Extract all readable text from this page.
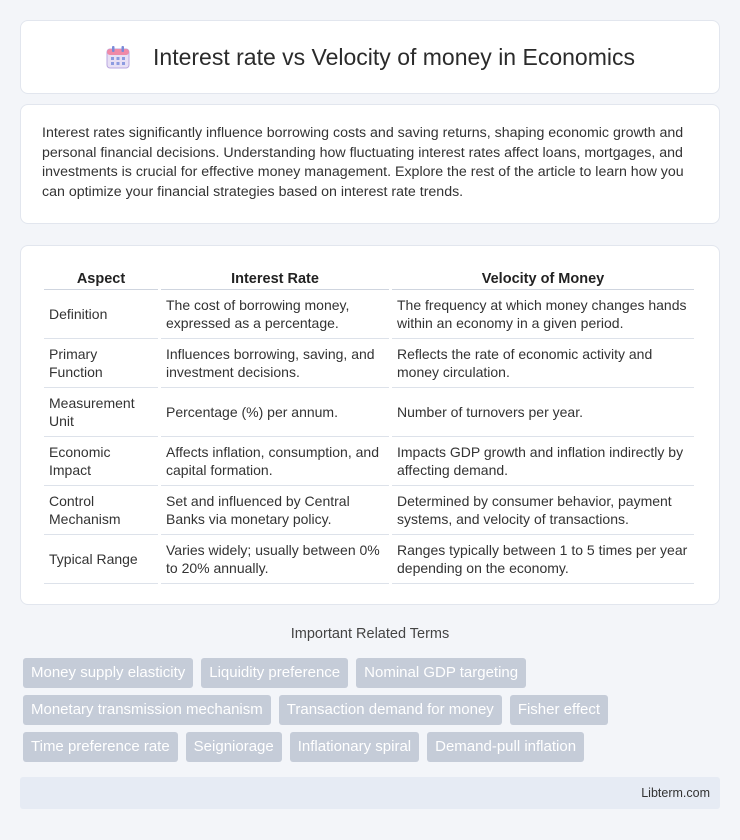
Interest rate vs Velocity of money in Economics

Interest rates significantly influence borrowing costs and saving returns, shaping economic growth and personal financial decisions. Understanding how fluctuating interest rates affect loans, mortgages, and investments is crucial for effective money management. Explore the rest of the article to learn how you can optimize your financial strategies based on interest rate trends.

Aspect	Interest Rate	Velocity of Money
Definition	The cost of borrowing money, expressed as a percentage.	The frequency at which money changes hands within an economy in a given period.
Primary Function	Influences borrowing, saving, and investment decisions.	Reflects the rate of economic activity and money circulation.
Measurement Unit	Percentage (%) per annum.	Number of turnovers per year.
Economic Impact	Affects inflation, consumption, and capital formation.	Impacts GDP growth and inflation indirectly by affecting demand.
Control Mechanism	Set and influenced by Central Banks via monetary policy.	Determined by consumer behavior, payment systems, and velocity of transactions.
Typical Range	Varies widely; usually between 0% to 20% annually.	Ranges typically between 1 to 5 times per year depending on the economy.
Important Related Terms
Money supply elasticity	Liquidity preference	Nominal GDP targeting
Monetary transmission mechanism	Transaction demand for money	Fisher effect
Time preference rate	Seigniorage	Inflationary spiral	Demand-pull inflation
Libterm.com
